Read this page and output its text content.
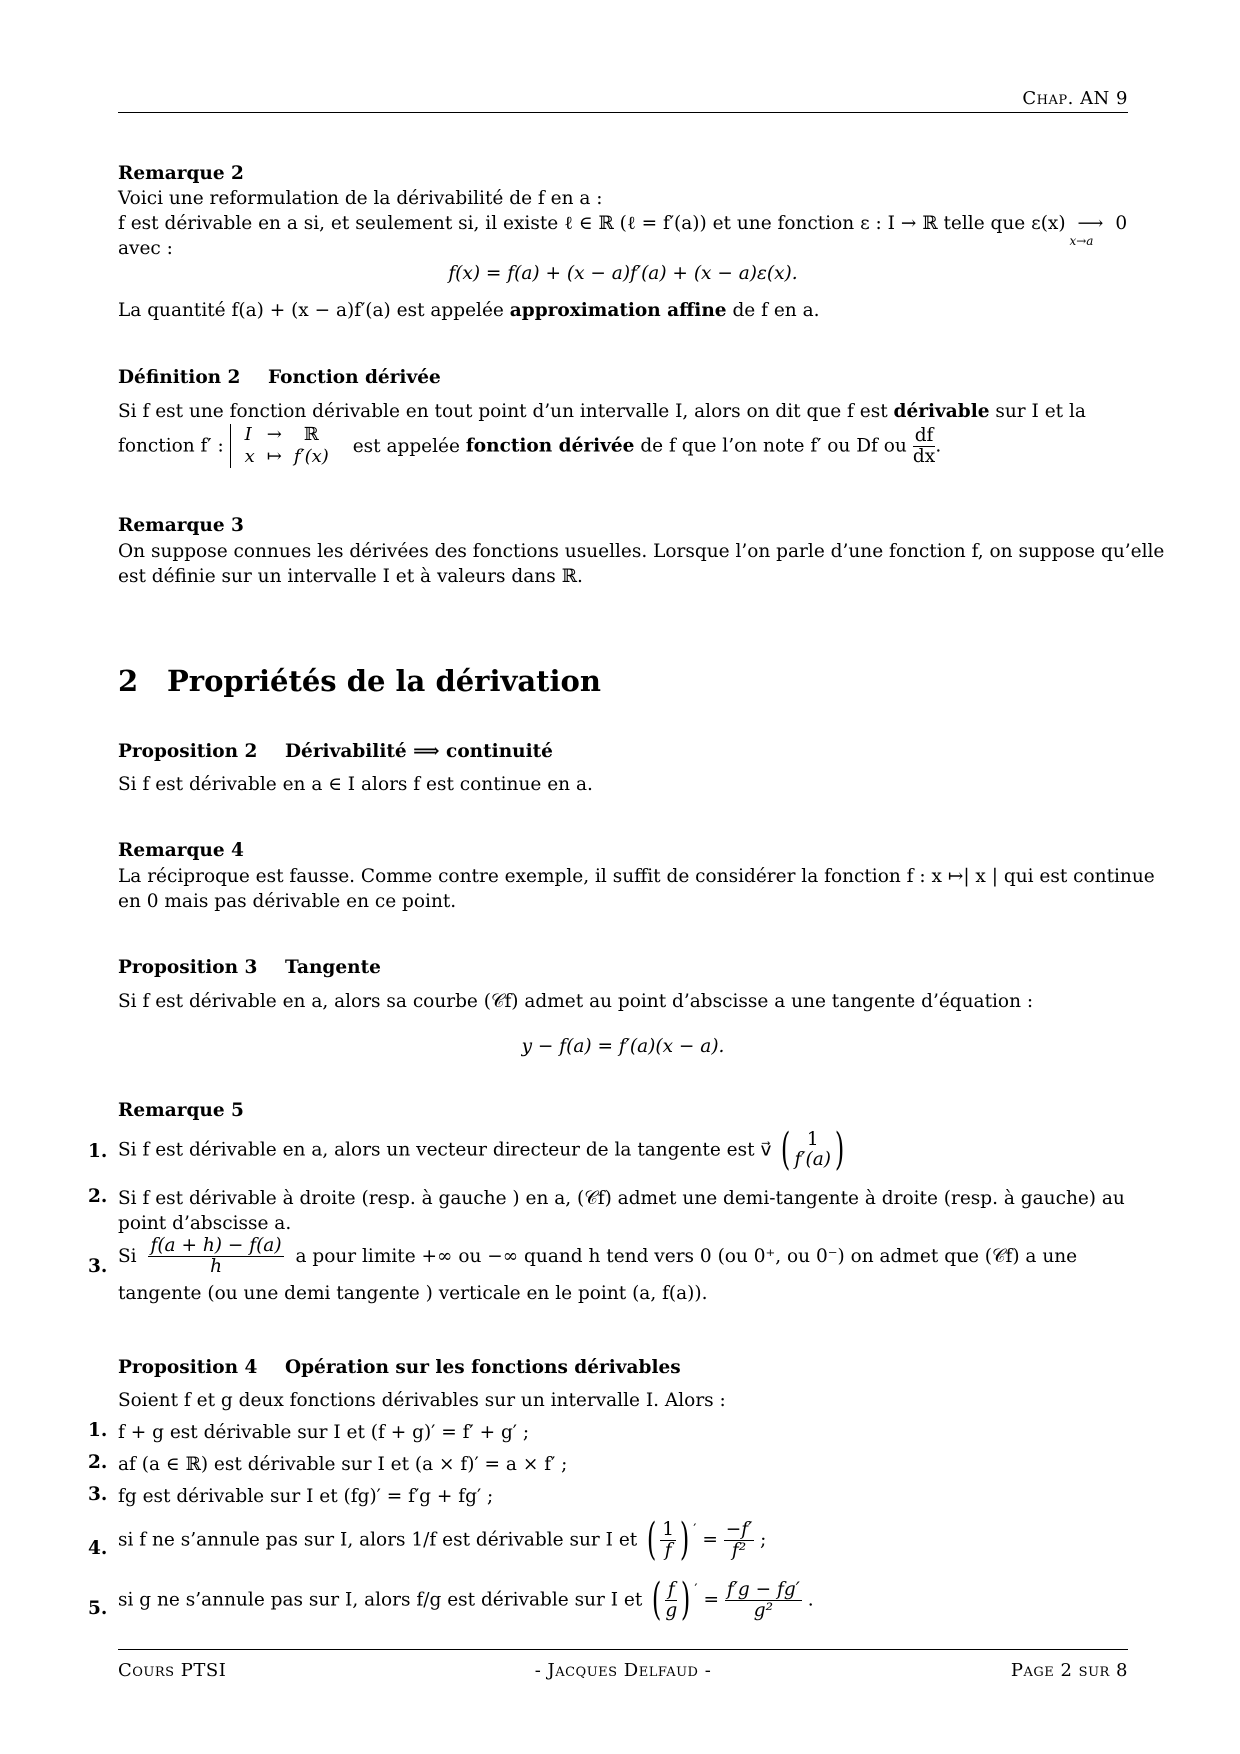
Chap. AN 9
Remarque 2
Voici une reformulation de la dérivabilité de f en a :
f est dérivable en a si, et seulement si, il existe ℓ ∈ ℝ (ℓ = f′(a)) et une fonction ε : I → ℝ telle que ε(x) ⟶
x→a
0
avec :
f(x) = f(a) + (x − a)f′(a) + (x − a)ε(x).
La quantité f(a) + (x − a)f′(a) est appelée approximation affine de f en a.
Définition 2 Fonction dérivée
Si f est une fonction dérivable en tout point d’un intervalle I, alors on dit que f est dérivable sur I et la
fonction f′ :
I	→	ℝ
x	↦	f′(x) est appelée fonction dérivée de f que l’on note f′ ou Df ou $\frac{df}{dx}$ .
Remarque 3
On suppose connues les dérivées des fonctions usuelles. Lorsque l’on parle d’une fonction f, on suppose qu’elle
est définie sur un intervalle I et à valeurs dans ℝ.
2 Propriétés de la dérivation
Proposition 2 Dérivabilité ⟹ continuité
Si f est dérivable en a ∈ I alors f est continue en a.
Remarque 4
La réciproque est fausse. Comme contre exemple, il suffit de considérer la fonction f : x ↦| x | qui est continue
en 0 mais pas dérivable en ce point.
Proposition 3 Tangente
Si f est dérivable en a, alors sa courbe (𝒞f) admet au point d’abscisse a une tangente d’équation :
y − f(a) = f′(a)(x − a).
Remarque 5
1. Si f est dérivable en a, alors un vecteur directeur de la tangente est v⃗ ( 1
f′(a) )
2. Si f est dérivable à droite (resp. à gauche ) en a, (𝒞f) admet une demi-tangente à droite (resp. à gauche) au
point d’abscisse a.
3. Si $\frac{f(a + h) - f(a)}{h}$ a pour limite +∞ ou −∞ quand h tend vers 0 (ou 0⁺, ou 0⁻) on admet que (𝒞f) a une
tangente (ou une demi tangente ) verticale en le point (a, f(a)).
Proposition 4 Opération sur les fonctions dérivables
Soient f et g deux fonctions dérivables sur un intervalle I. Alors :
1. f + g est dérivable sur I et (f + g)′ = f′ + g′ ;
2. af (a ∈ ℝ) est dérivable sur I et (a × f)′ = a × f′ ;
3. fg est dérivable sur I et (fg)′ = f′g + fg′ ;
4. si f ne s’annule pas sur I, alors 1/f est dérivable sur I et ( $\frac{1}{f}$ ) $' = \frac{-f'}{\text{f²}}$ ;
5. si g ne s’annule pas sur I, alors f/g est dérivable sur I et ( $\frac{f}{g}$ ) $' = \frac{f'g - fg'}{\text{g²}}$ .
Cours PTSI	- Jacques Delfaud -	Page 2 sur 8
